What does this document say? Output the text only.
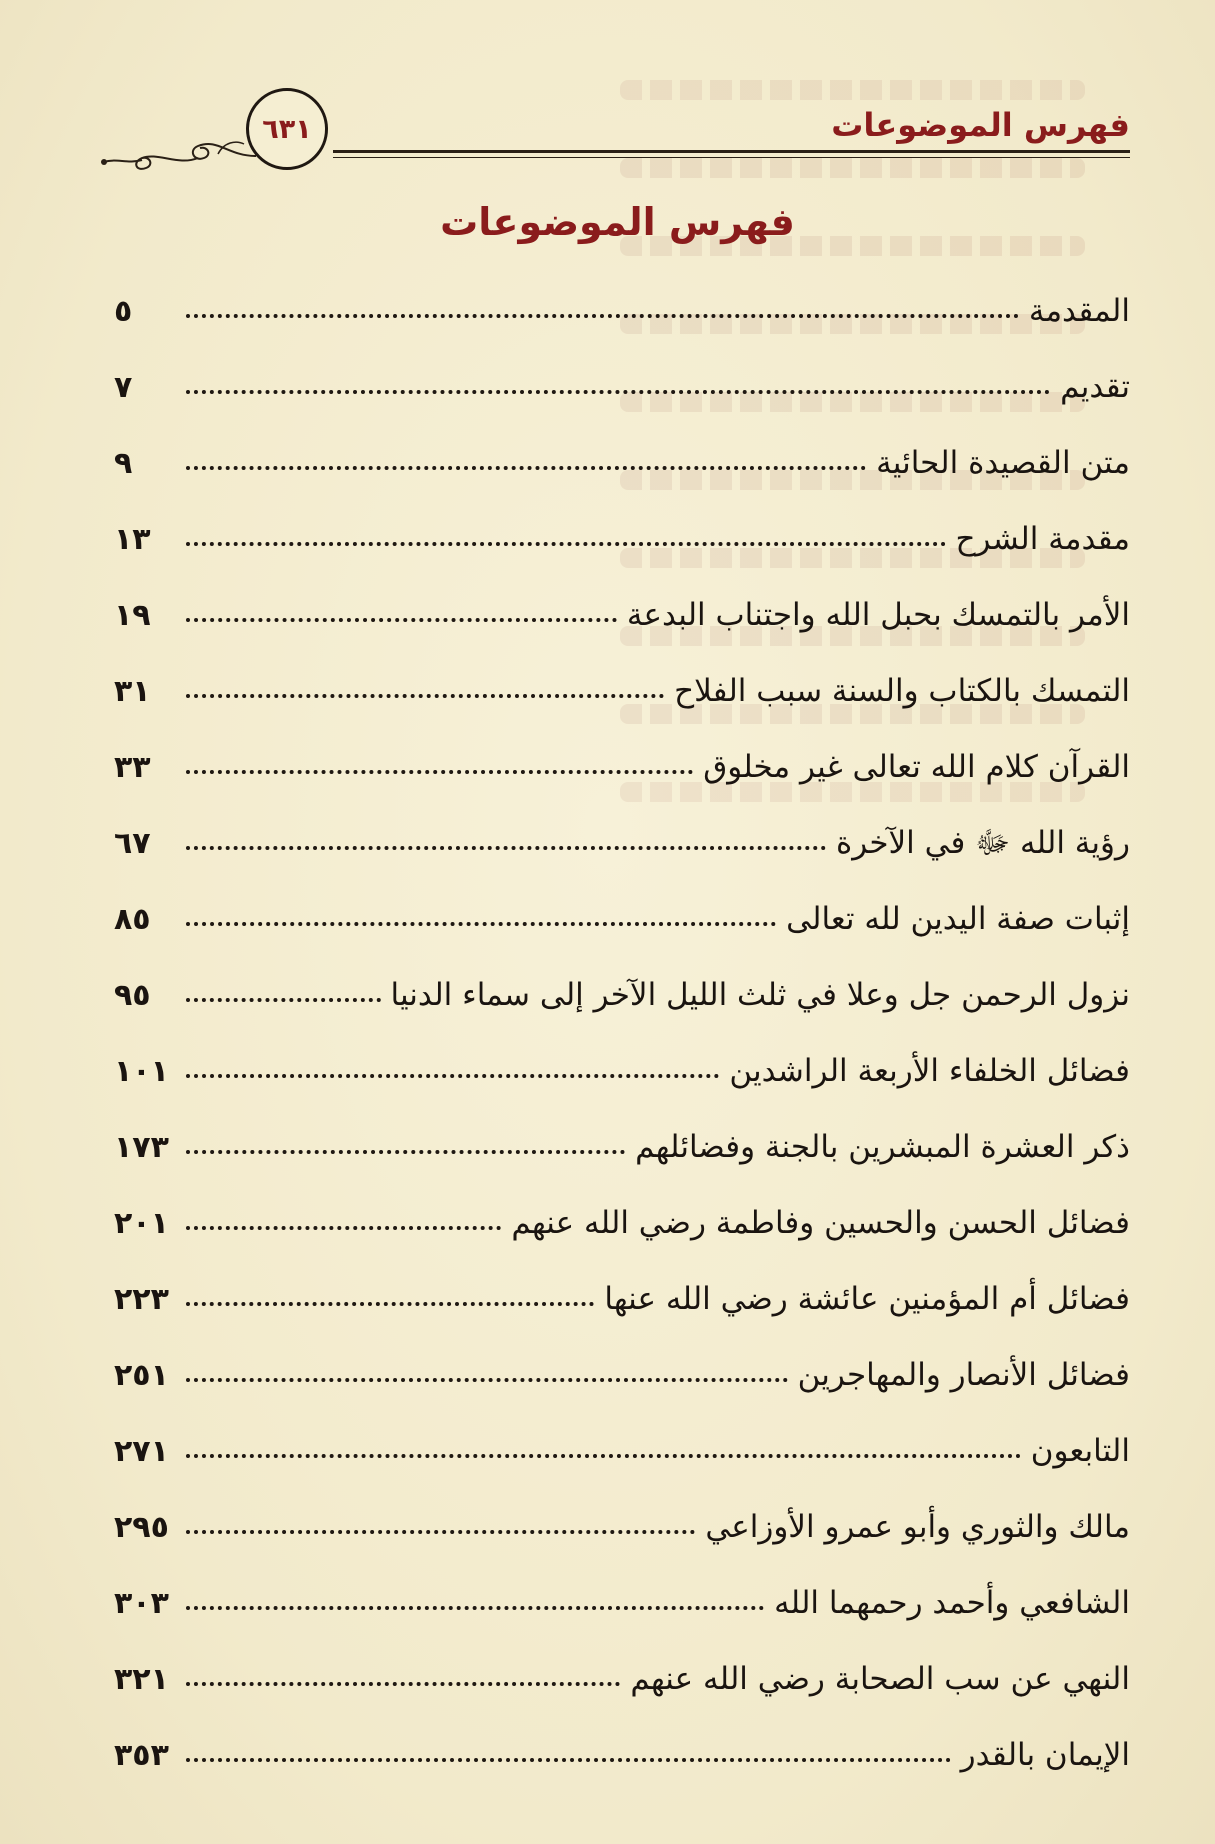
فهرس الموضوعات
٦٣١
فهرس الموضوعات
المقدمة
٥
تقديم
٧
متن القصيدة الحائية
٩
مقدمة الشرح
١٣
الأمر بالتمسك بحبل الله واجتناب البدعة
١٩
التمسك بالكتاب والسنة سبب الفلاح
٣١
القرآن كلام الله تعالى غير مخلوق
٣٣
رؤية الله ﷻ في الآخرة
٦٧
إثبات صفة اليدين لله تعالى
٨٥
نزول الرحمن جل وعلا في ثلث الليل الآخر إلى سماء الدنيا
٩٥
فضائل الخلفاء الأربعة الراشدين
١٠١
ذكر العشرة المبشرين بالجنة وفضائلهم
١٧٣
فضائل الحسن والحسين وفاطمة رضي الله عنهم
٢٠١
فضائل أم المؤمنين عائشة رضي الله عنها
٢٢٣
فضائل الأنصار والمهاجرين
٢٥١
التابعون
٢٧١
مالك والثوري وأبو عمرو الأوزاعي
٢٩٥
الشافعي وأحمد رحمهما الله
٣٠٣
النهي عن سب الصحابة رضي الله عنهم
٣٢١
الإيمان بالقدر
٣٥٣
